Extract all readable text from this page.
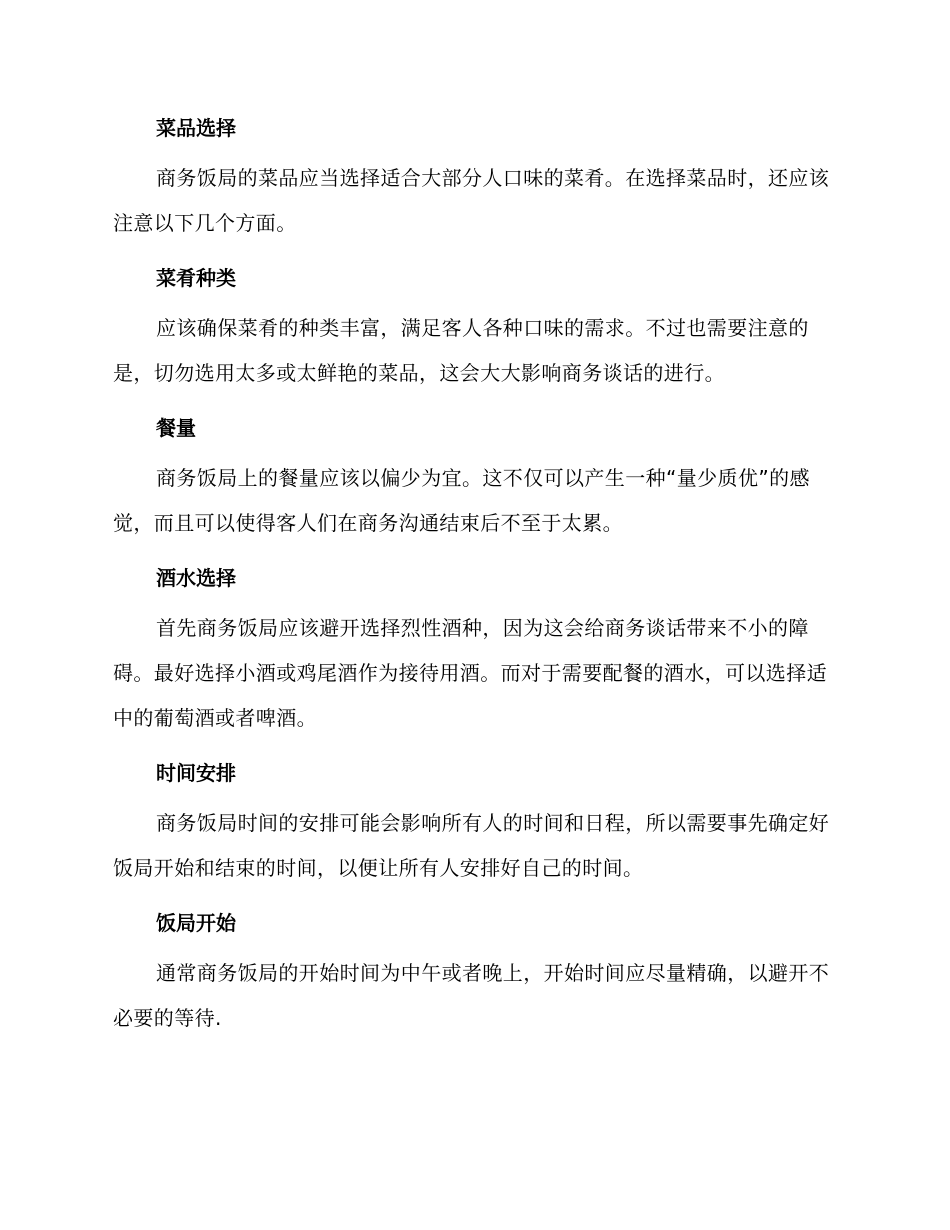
菜品选择
商务饭局的菜品应当选择适合大部分人口味的菜肴。在选择菜品时，还应该注意以下几个方面。
菜肴种类
应该确保菜肴的种类丰富，满足客人各种口味的需求。不过也需要注意的是，切勿选用太多或太鲜艳的菜品，这会大大影响商务谈话的进行。
餐量
商务饭局上的餐量应该以偏少为宜。这不仅可以产生一种“量少质优”的感觉，而且可以使得客人们在商务沟通结束后不至于太累。
酒水选择
首先商务饭局应该避开选择烈性酒种，因为这会给商务谈话带来不小的障碍。最好选择小酒或鸡尾酒作为接待用酒。而对于需要配餐的酒水，可以选择适中的葡萄酒或者啤酒。
时间安排
商务饭局时间的安排可能会影响所有人的时间和日程，所以需要事先确定好饭局开始和结束的时间，以便让所有人安排好自己的时间。
饭局开始
通常商务饭局的开始时间为中午或者晚上，开始时间应尽量精确，以避开不必要的等待.
